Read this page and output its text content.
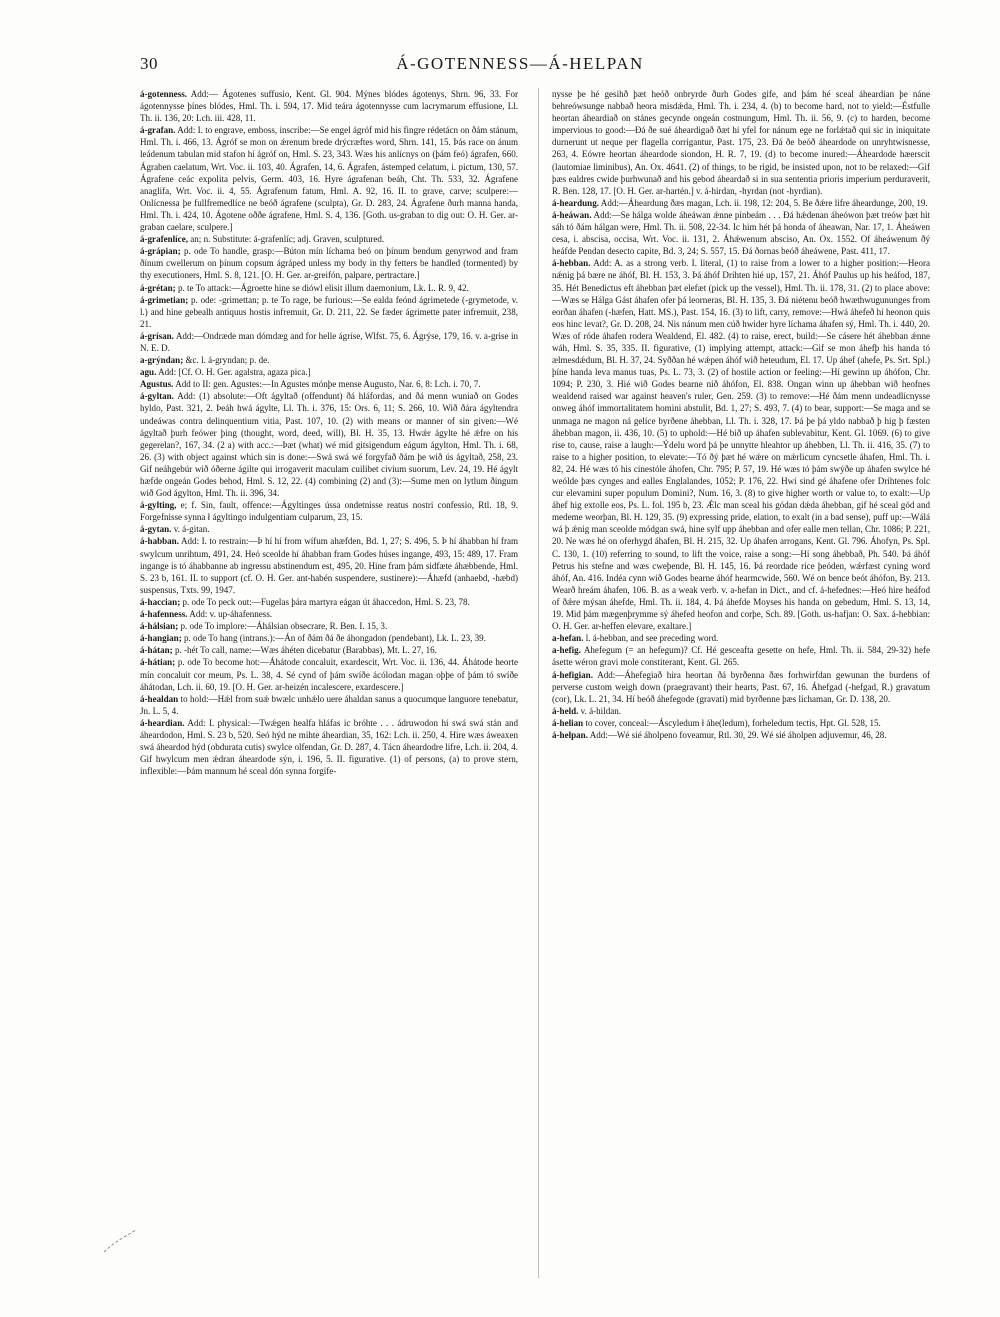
30	Á-GOTENNESS—Á-HELPAN

á-gotenness. Add:— Ágotenes suffusio, Kent. Gl. 904. Mýnes blódes ágotenys, Shrn. 96, 33. For ágotennysse þínes blódes, Hml. Th. i. 594, 17. Mid teára ágotennysse cum lacrymarum effusione, Ll. Th. ii. 136, 20: Lch. iii. 428, 11.

á-grafan. Add: I. to engrave, emboss, inscribe:—Se engel ágróf mid his fingre rédetácn on ðám stánum, Hml. Th. i. 466, 13. Ágróf se mon on ǽrenum brede drýcræftes word, Shrn. 141, 15. Þás race on ánum leádenum tabulan mid stafon hí ágróf on, Hml. S. 23, 343. Wæs his anlícnys on (þám feó) ágrafen, 660. Ágraben caelatum, Wrt. Voc. ii. 103, 40. Ágrafen, 14, 6. Ágrafen, ástemped celatum, i. pictum, 130, 57. Ágrafene ceác expolita pelvis, Germ. 403, 16. Hyre ágrafenan beáh, Cht. Th. 533, 32. Ágrafene anaglifa, Wrt. Voc. ii. 4, 55. Ágrafenum fatum, Hml. A. 92, 16. II. to grave, carve; sculpere:—Onlícnessa þe fullfremedlíce ne beóð ágrafene (sculpta), Gr. D. 283, 24. Ágrafene ðurh manna handa, Hml. Th. i. 424, 10. Ágotene oððe ágrafene, Hml. S. 4, 136. [Goth. us-graban to dig out: O. H. Ger. ar-graban caelare, sculpere.]

á-grafenlíce, an; n. Substitute: á-grafenlíc; adj. Graven, sculptured.

á-grápian; p. ode To handle, grasp:—Búton mín líchama beó on þínum bendum genyrwod and fram ðínum cwellerum on þínum copsum ágráped unless my body in thy fetters be handled (tormented) by thy executioners, Hml. S. 8, 121. [O. H. Ger. ar-greifón, palpare, pertractare.]

á-grétan; p. te To attack:—Ágroette hine se diówl elisit illum daemonium, Lk. L. R. 9, 42.

á-grimetian; p. ode: -grimettan; p. te To rage, be furious:—Se ealda feónd ágrimetede (-grymetode, v. l.) and hine gebealh antiquus hostis infremuit, Gr. D. 211, 22. Se fæder ágrimette pater infremuit, 238, 21.

á-grísan. Add:—Ondræde man dómdæg and for helle ágríse, Wlfst. 75, 6. Ágrýse, 179, 16. v. a-grise in N. E. D.

a-grýndan; &c. l. á-gryndan; p. de.

agu. Add: [Cf. O. H. Ger. agalstra, agaza pica.]

Agustus. Add to II: gen. Agustes:—In Agustes mónþe mense Augusto, Nar. 6, 8: Lch. i. 70, 7.

á-gyltan. Add: (1) absolute:—Oft ágyltað (offendunt) ðá hláfordas, and ðá menn wuniað on Godes hyldo, Past. 321, 2. Þeáh hwá ágylte, Ll. Th. i. 376, 15: Ors. 6, 11; S. 266, 10. Wið ðára ágyltendra undeáwas contra delinquentium vitia, Past. 107, 10. (2) with means or manner of sin given:—Wé ágyltað þurh feówer þing (thought, word, deed, will), Bl. H. 35, 13. Hwǽr ágylte hé ǽfre on his gegerelan?, 167, 34. (2 a) with acc.:—Þæt (what) wé mid gitsigendum eágum ágylton, Hml. Th. i. 68, 26. (3) with object against which sin is done:—Swá swá wé forgyfað ðám þe wið ús ágyltað, 258, 23. Gif neáhgebúr wið óðerne ágilte qui irrogaverit maculam cuilibet civium suorum, Lev. 24, 19. Hé ágylt hæfde ongeán Godes behod, Hml. S. 12, 22. (4) combining (2) and (3):—Sume men on lytlum ðingum wið God ágylton, Hml. Th. ii. 396, 34.

á-gylting, e; f. Sin, fault, offence:—Ágyltinges ússa ondetnisse reatus nostri confessio, Rtl. 18, 9. Forgefnisse synna ł ágyltingo indulgentiam culparum, 23, 15.

á-gytan. v. á-gitan.

á-habban. Add: I. to restrain:—Þ hí hí from wífum ahæfden, Bd. 1, 27; S. 496, 5. Þ hí áhabban hí fram swylcum unrihtum, 491, 24. Heó sceolde hí áhabban fram Godes húses ingange, 493, 15: 489, 17. Fram ingange is tó áhabbanne ab ingressu abstinendum est, 495, 20. Hine fram þám sidfæte áhæbbende, Hml. S. 23 b, 161. II. to support (cf. O. H. Ger. ant-habén suspendere, sustinere):—Áhæfd (anhaebd, -hæbd) suspensus, Txts. 99, 1947.

á-haccian; p. ode To peck out:—Fugelas þára martyra eágan út áhaccedon, Hml. S. 23, 78.

á-hafenness. Add: v. up-áhafenness.

á-hálsian; p. ode To implore:—Áhálsian obsecrare, R. Ben. I. 15, 3.

á-hangian; p. ode To hang (intrans.):—Án of ðám ðá ðe áhongadon (pendebant), Lk. L. 23, 39.

á-hátan; p. -hét To call, name:—Wæs áhéten dicebatur (Barabbas), Mt. L. 27, 16.

á-hátian; p. ode To become hot:—Áhátode concaluit, exardescit, Wrt. Voc. ii. 136, 44. Áhátode heorte mín concaluit cor meum, Ps. L. 38, 4. Sé cynd of þám swíðe ácólodan magan oþþe of þám tó swíðe áhátodan, Lch. ii. 60, 19. [O. H. Ger. ar-heizén incalescere, exardescere.]

á-healdan to hold:—Hǽl from suǽ bwælc unhǽlo uere áhaldan sanus a quocumque languore tenebatur, Jn. L. 5, 4.

á-heardian. Add: I. physical:—Twǽgen healfa hláfas ic bróhte . . . ádruwodon hí swá swá stán and áheardodon, Hml. S. 23 b, 520. Seó hýd ne mihte áheardian, 35, 162: Lch. ii. 250, 4. Hire wæs áweaxen swá áheardod hýd (obdurata cutis) swylce olfendan, Gr. D. 287, 4. Tácn áheardodre lifre, Lch. ii. 204, 4. Gif hwylcum men ǽdran áheardode sýn, i. 196, 5. II. figurative. (1) of persons, (a) to prove stern, inflexible:—Þám mannum hé sceal dón synna forgife-

nysse þe hé gesihð þæt heóð onbryrde ðurh Godes gife, and þám hé sceal áheardian þe náne behreówsunge nabbað heora misdǽda, Hml. Th. i. 234, 4. (b) to become hard, not to yield:—Éstfulle heortan áheardiað on stánes gecynde ongeán costnungum, Hml. Th. ii. 56, 9. (c) to harden, become impervious to good:—Ðá ðe sué áheardigað ðæt hí yfel for nánum ege ne forlǽtað qui sic in iniquitate durnerunt ut neque per flagella corrigantur, Past. 175, 23. Ðá ðe beóð áheardode on unryhtwísnesse, 263, 4. Eówre heortan áheardode siondon, H. R. 7, 19. (d) to become inured:—Áheardode hæerscit (lautomiae liminibus), An. Ox. 4641. (2) of things, to be rigid, be insisted upon, not to be relaxed:—Gif þæs ealdres cwide þurhwunað and his gebod áheardað si in sua sententia prioris imperium perduraverit, R. Ben. 128, 17. [O. H. Ger. ar-hartén.] v. á-hirdan, -hyrdan (not -hyrdian).

á-heardung. Add:—Áheardung ðæs magan, Lch. ii. 198, 12: 204, 5. Be ðǽre lifre áheardunge, 200, 19.

á-heáwan. Add:—Se hálga wolde áheáwan ǽnne pínbeám . . . Ðá hǽdenan áheówon þæt treów þæt hit sáh tó ðám hálgan were, Hml. Th. ii. 508, 22-34. Ic him hét þá honda of áheawan, Nar. 17, 1. Áheáwen cesa, i. abscisa, occisa, Wrt. Voc. ii. 131, 2. Áhǽwenum absciso, An. Ox. 1552. Of áheáwenum ðý heáfde Pendan desecto capite, Bd. 3, 24; S. 557, 15. Ðá ðornas beóð áheáwene, Past. 411, 17.

á-hebban. Add: A. as a strong verb. I. literal, (1) to raise from a lower to a higher position:—Heora nǽnig þá bære ne áhóf, Bl. H. 153, 3. Þá áhóf Drihten hié up, 157, 21. Áhóf Paulus up his heáfod, 187, 35. Hét Benedictus eft áhebban þæt elefæt (pick up the vessel), Hml. Th. ii. 178, 31. (2) to place above:—Wæs se Hálga Gást áhafen ofer þá leorneras, Bl. H. 135, 3. Ðá niétenu beóð hwæthwugununges from eorðan áhafen (-hæfen, Hatt. MS.), Past. 154, 16. (3) to lift, carry, remove:—Hwá áhefeð hí heonon quis eos hinc levat?, Gr. D. 208, 24. Nis nánum men cúð hwider hyre líchama áhafen sý, Hml. Th. i. 440, 20. Wæs of róde áhafen rodera Wealdend, El. 482. (4) to raise, erect, build:—Se cásere hét áhebban ǽnne wáh, Hml. S. 35, 335. II. figurative, (1) implying attempt, attack:—Gif se mon áhefþ his handa tó ælmesdǽdum, Bl. H. 37, 24. Syððan hé wǽpen áhóf wið heteudum, El. 17. Up áhef (ahefe, Ps. Srt. Spl.) þíne handa leva manus tuas, Ps. L. 73, 3. (2) of hostile action or feeling:—Hí gewinn up áhófon, Chr. 1094; P. 230, 3. Hié wið Godes bearne nið áhófon, El. 838. Ongan winn up áhebban wið heofnes wealdend raised war against heaven's ruler, Gen. 259. (3) to remove:—Hé ðám menn undeadlícnysse onweg áhóf immortalitatem homini abstulit, Bd. 1, 27; S. 493, 7. (4) to bear, support:—Se maga and se unmaga ne magon ná gelíce byrðene áhebban, Ll. Th. i. 328, 17. Þá þe þá yldo nabbað þ hig þ fæsten áhebban magon, ii. 436, 10. (5) to uphold:—Hé bið up áhafen sublevabitur, Kent. Gl. 1069. (6) to give rise to, cause, raise a laugh:—Ýdelu word þá þe unnytte hleahtor up áhebben, Ll. Th. ii. 416, 35. (7) to raise to a higher position, to elevate:—Tó ðý þæt hé wǽre on mǽrlicum cyncsetle áhafen, Hml. Th. i. 82, 24. Hé wæs tó his cinestóle áhofen, Chr. 795; P. 57, 19. Hé wæs tó þám swýðe up áhafen swylce hé weólde þæs cynges and ealles Englalandes, 1052; P. 176, 22. Hwí sind gé áhafene ofer Drihtenes folc cur elevamini super populum Domini?, Num. 16, 3. (8) to give higher worth or value to, to exalt:—Up áhef hig extolle eos, Ps. L. fol. 195 b, 23. Ǽlc man sceal his gódan dǽda áhebban, gif hé sceal gód and medeme weorþan, Bl. H. 129, 35. (9) expressing pride, elation, to exalt (in a bad sense), puff up:—Wálá wá þ ǽnig man sceolde módgan swá, hine sylf upp áhebban and ofer ealle men tellan, Chr. 1086; P. 221, 20. Ne wæs hé on oferhygd áhafen, Bl. H. 215, 32. Up áhafen arrogans, Kent. Gl. 796. Áhofyn, Ps. Spl. C. 130, 1. (10) referring to sound, to lift the voice, raise a song:—Hí song áhebbað, Ph. 540. Þá áhóf Petrus his stefne and wæs cweþende, Bl. H. 145, 16. Þá reordade ríce þeóden, wǽrfæst cyning word áhóf, An. 416. Indéa cynn wið Godes bearne áhóf hearmcwide, 560. Wé on bence beót áhófon, By. 213. Wearð hreám áhafen, 106. B. as a weak verb. v. a-hefan in Dict., and cf. á-hefednes:—Heó hire heáfod of ðǽre mýsan áhefde, Hml. Th. ii. 184, 4. Þá áhefde Moyses his handa on gebedum, Hml. S. 13, 14, 19. Mid þám mægenþrymme sý áhefed heofon and corþe, Sch. 89. [Goth. us-hafjan: O. Sax. á-hebbian: O. H. Ger. ar-heffen elevare, exaltare.]

a-hefan. l. á-hebban, and see preceding word.

a-hefig. Ahefegum (= an hefegum)? Cf. Hé gesceafta gesette on hefe, Hml. Th. ii. 584, 29-32) hefe ásette wéron gravi mole constiterant, Kent. Gl. 265.

á-hefigian. Add:—Áhefegiað hira heortan ðá byrðenna ðæs forhwirfdan gewunan the burdens of perverse custom weigh down (praegravant) their hearts, Past. 67, 16. Áhefgad (-hefgad, R.) gravatum (cor), Lk. L. 21, 34. Hí beóð áhefegode (gravati) mid byrðenne þæs líchaman, Gr. D. 138, 20.

á-held. v. á-hildan.

á-helian to cover, conceal:—Áscyledum ł áhe(ledum), forheledum tectis, Hpt. Gl. 528, 15.

á-helpan. Add:—Wé sié áholpeno foveamur, Rtl. 30, 29. Wé sié áholpen adjuvemur, 46, 28.
